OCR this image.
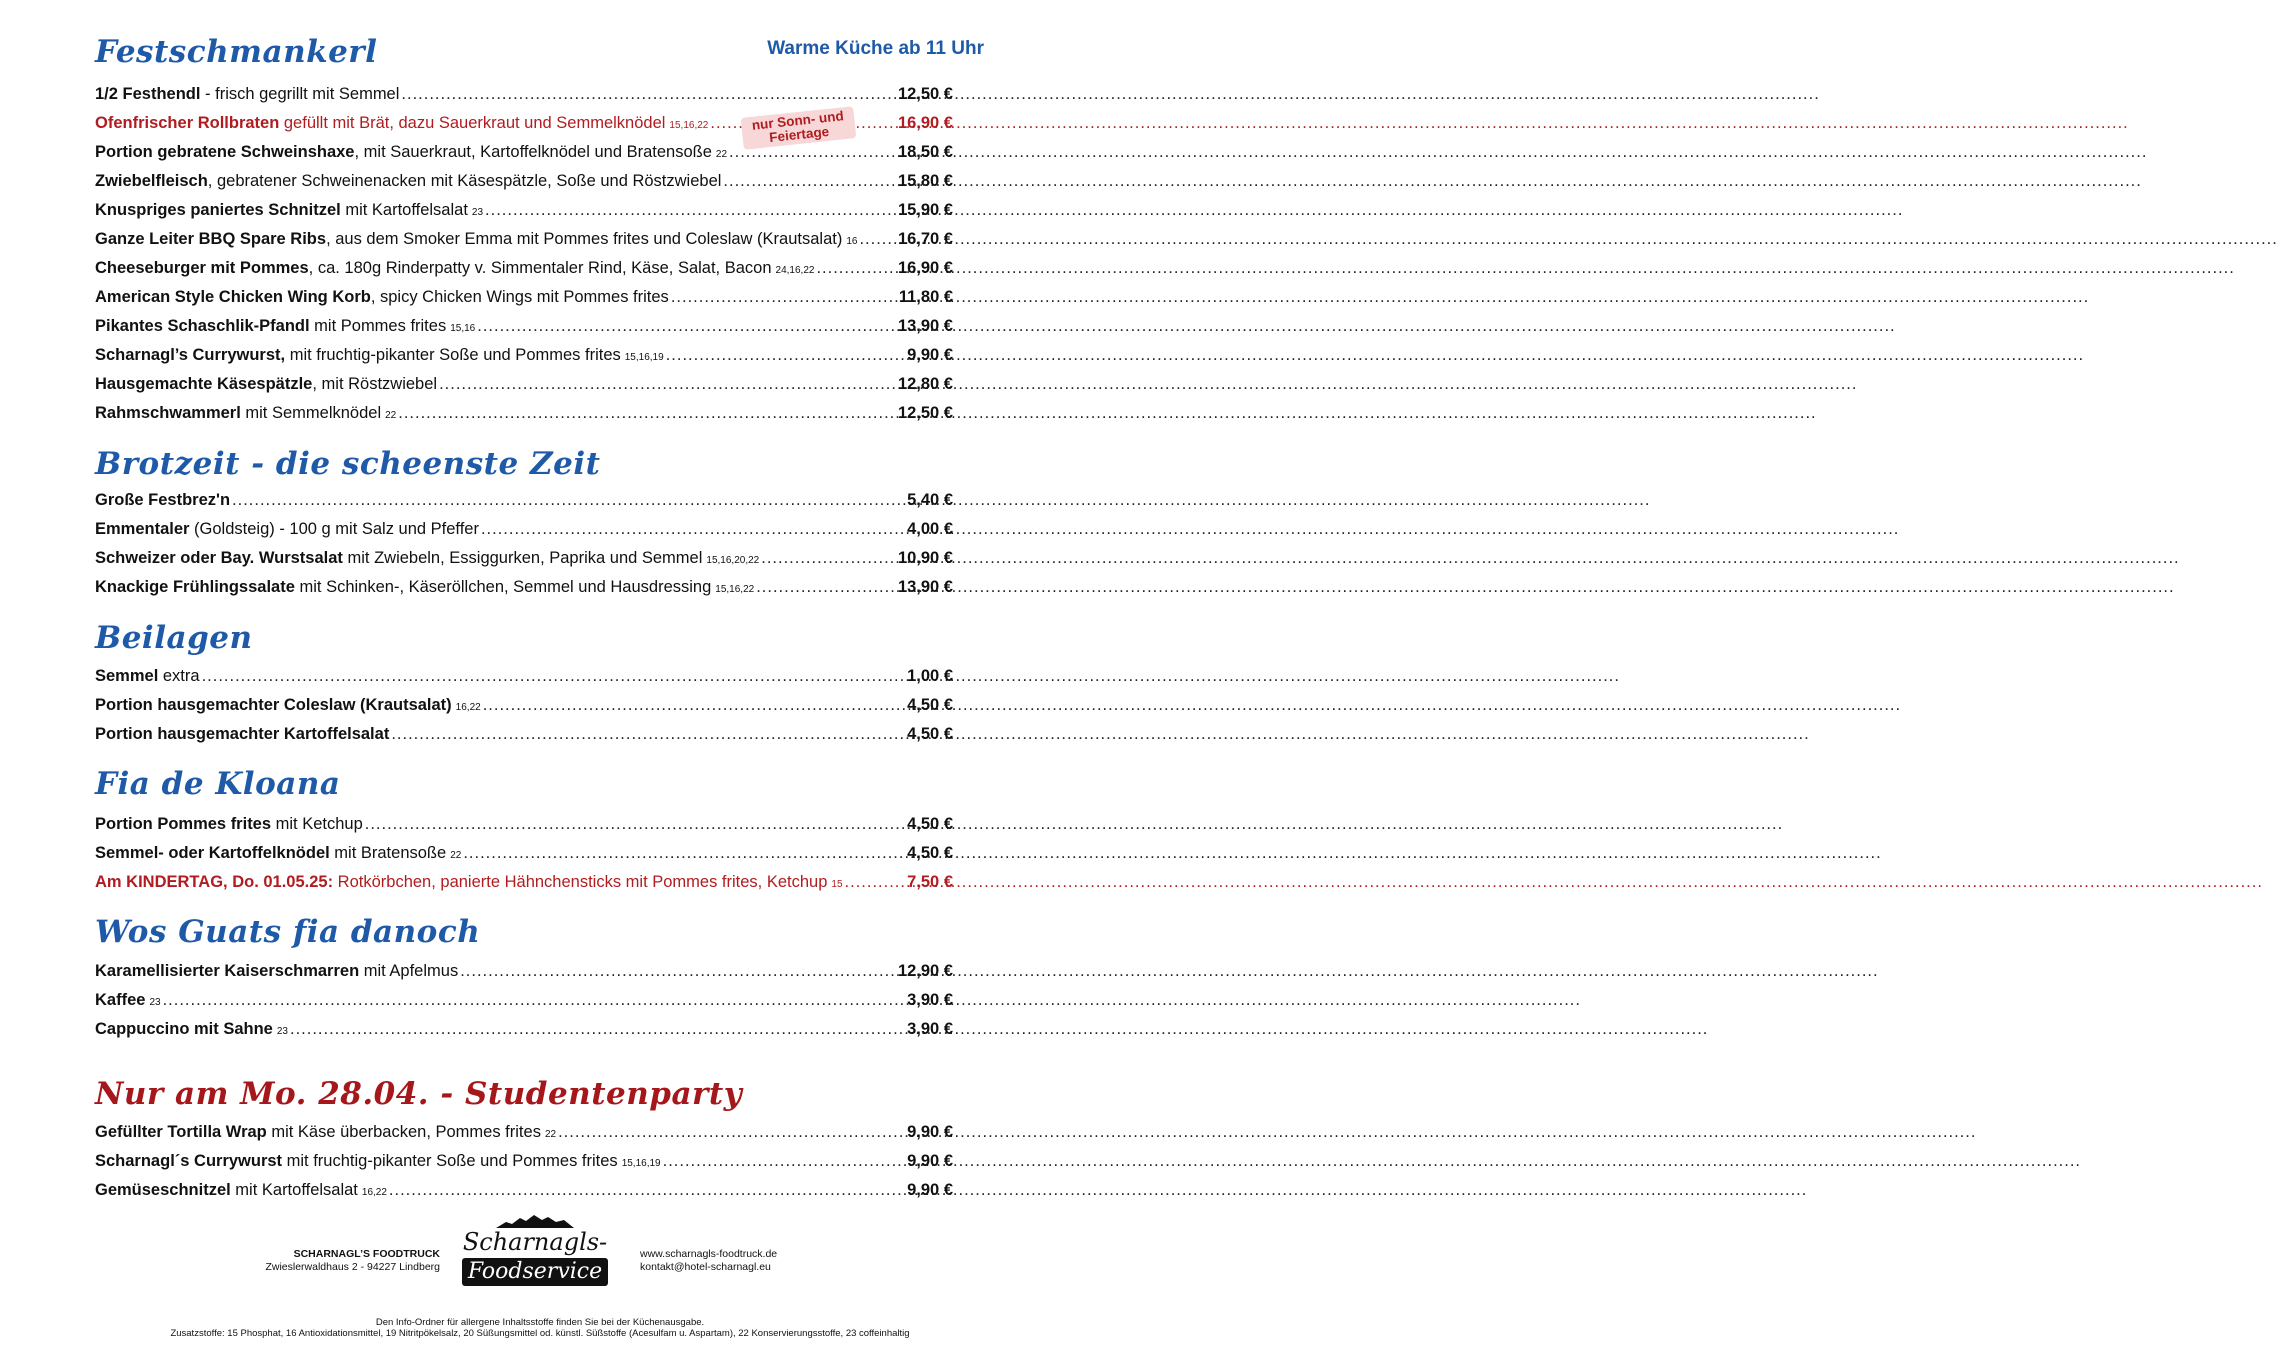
Warme Küche ab 11 Uhr
Festschmankerl
1/2 Festhendl - frisch gegrillt mit Semmel .....	12,50 €
Ofenfrischer Rollbraten gefüllt mit Brät, dazu Sauerkraut und Semmelknödel 15,16,22 .....	16,90 €
Portion gebratene Schweinshaxe, mit Sauerkraut, Kartoffelknödel und Bratensoße 22 .....	18,50 €
Zwiebelfleisch, gebratener Schweinenacken mit Käsespätzle, Soße und Röstzwiebel .....	15,80 €
Knuspriges paniertes Schnitzel mit Kartoffelsalat 23 .....	15,90 €
Ganze Leiter BBQ Spare Ribs, aus dem Smoker Emma mit Pommes frites und Coleslaw (Krautsalat) 16 ..... 16,70 €
Cheeseburger mit Pommes, ca. 180g Rinderpatty v. Simmentaler Rind, Käse, Salat, Bacon 24,16,22 .....	16,90 €
American Style Chicken Wing Korb, spicy Chicken Wings mit Pommes frites .....	11,80 €
Pikantes Schaschlik-Pfandl mit Pommes frites 15,16 .....	13,90 €
Scharnagl’s Currywurst, mit fruchtig-pikanter Soße und Pommes frites 15,16,19 .....	9,90 €
Hausgemachte Käsespätzle, mit Röstzwiebel .....	12,80 €
Rahmschwammerl mit Semmelknödel 22 .....	12,50 €
nur Sonn- und Feiertage
Brotzeit - die scheenste Zeit
Große Festbrez'n .....	5,40 €
Emmentaler (Goldsteig) - 100 g mit Salz und Pfeffer .....	4,00 €
Schweizer oder Bay. Wurstsalat mit Zwiebeln, Essiggurken, Paprika und Semmel 15,16,20,22 .....	10,90 €
Knackige Frühlingssalate mit Schinken-, Käseröllchen, Semmel und Hausdressing 15,16,22 .....	13,90 €
Beilagen
Semmel extra .....	1,00 €
Portion hausgemachter Coleslaw (Krautsalat) 16,22 .....	4,50 €
Portion hausgemachter Kartoffelsalat .....	4,50 €
Fia de Kloana
Portion Pommes frites mit Ketchup .....	4,50 €
Semmel- oder Kartoffelknödel mit Bratensoße 22 .....	4,50 €
Am KINDERTAG, Do. 01.05.25: Rotkörbchen, panierte Hähnchensticks mit Pommes frites, Ketchup 15 .....	7,50 €
Wos Guats fia danoch
Karamellisierter Kaiserschmarren mit Apfelmus .....	12,90 €
Kaffee 23 .....	3,90 €
Cappuccino mit Sahne 23 .....	3,90 €
Nur am Mo. 28.04. - Studentenparty
Gefüllter Tortilla Wrap mit Käse überbacken, Pommes frites 22 .....	9,90 €
Scharnagl´s Currywurst mit fruchtig-pikanter Soße und Pommes frites 15,16,19 .....	9,90 €
Gemüseschnitzel mit Kartoffelsalat 16,22 .....	9,90 €
SCHARNAGL’S FOODTRUCK
Zwieslerwaldhaus 2 - 94227 Lindberg
Scharnagls-
Foodservice
www.scharnagls-foodtruck.de
kontakt@hotel-scharnagl.eu
Den Info-Ordner für allergene Inhaltsstoffe finden Sie bei der Küchenausgabe.
Zusatzstoffe: 15 Phosphat, 16 Antioxidationsmittel, 19 Nitritpökelsalz, 20 Süßungsmittel od. künstl. Süßstoffe (Acesulfam u. Aspartam), 22 Konservierungsstoffe, 23 coffeinhaltig
